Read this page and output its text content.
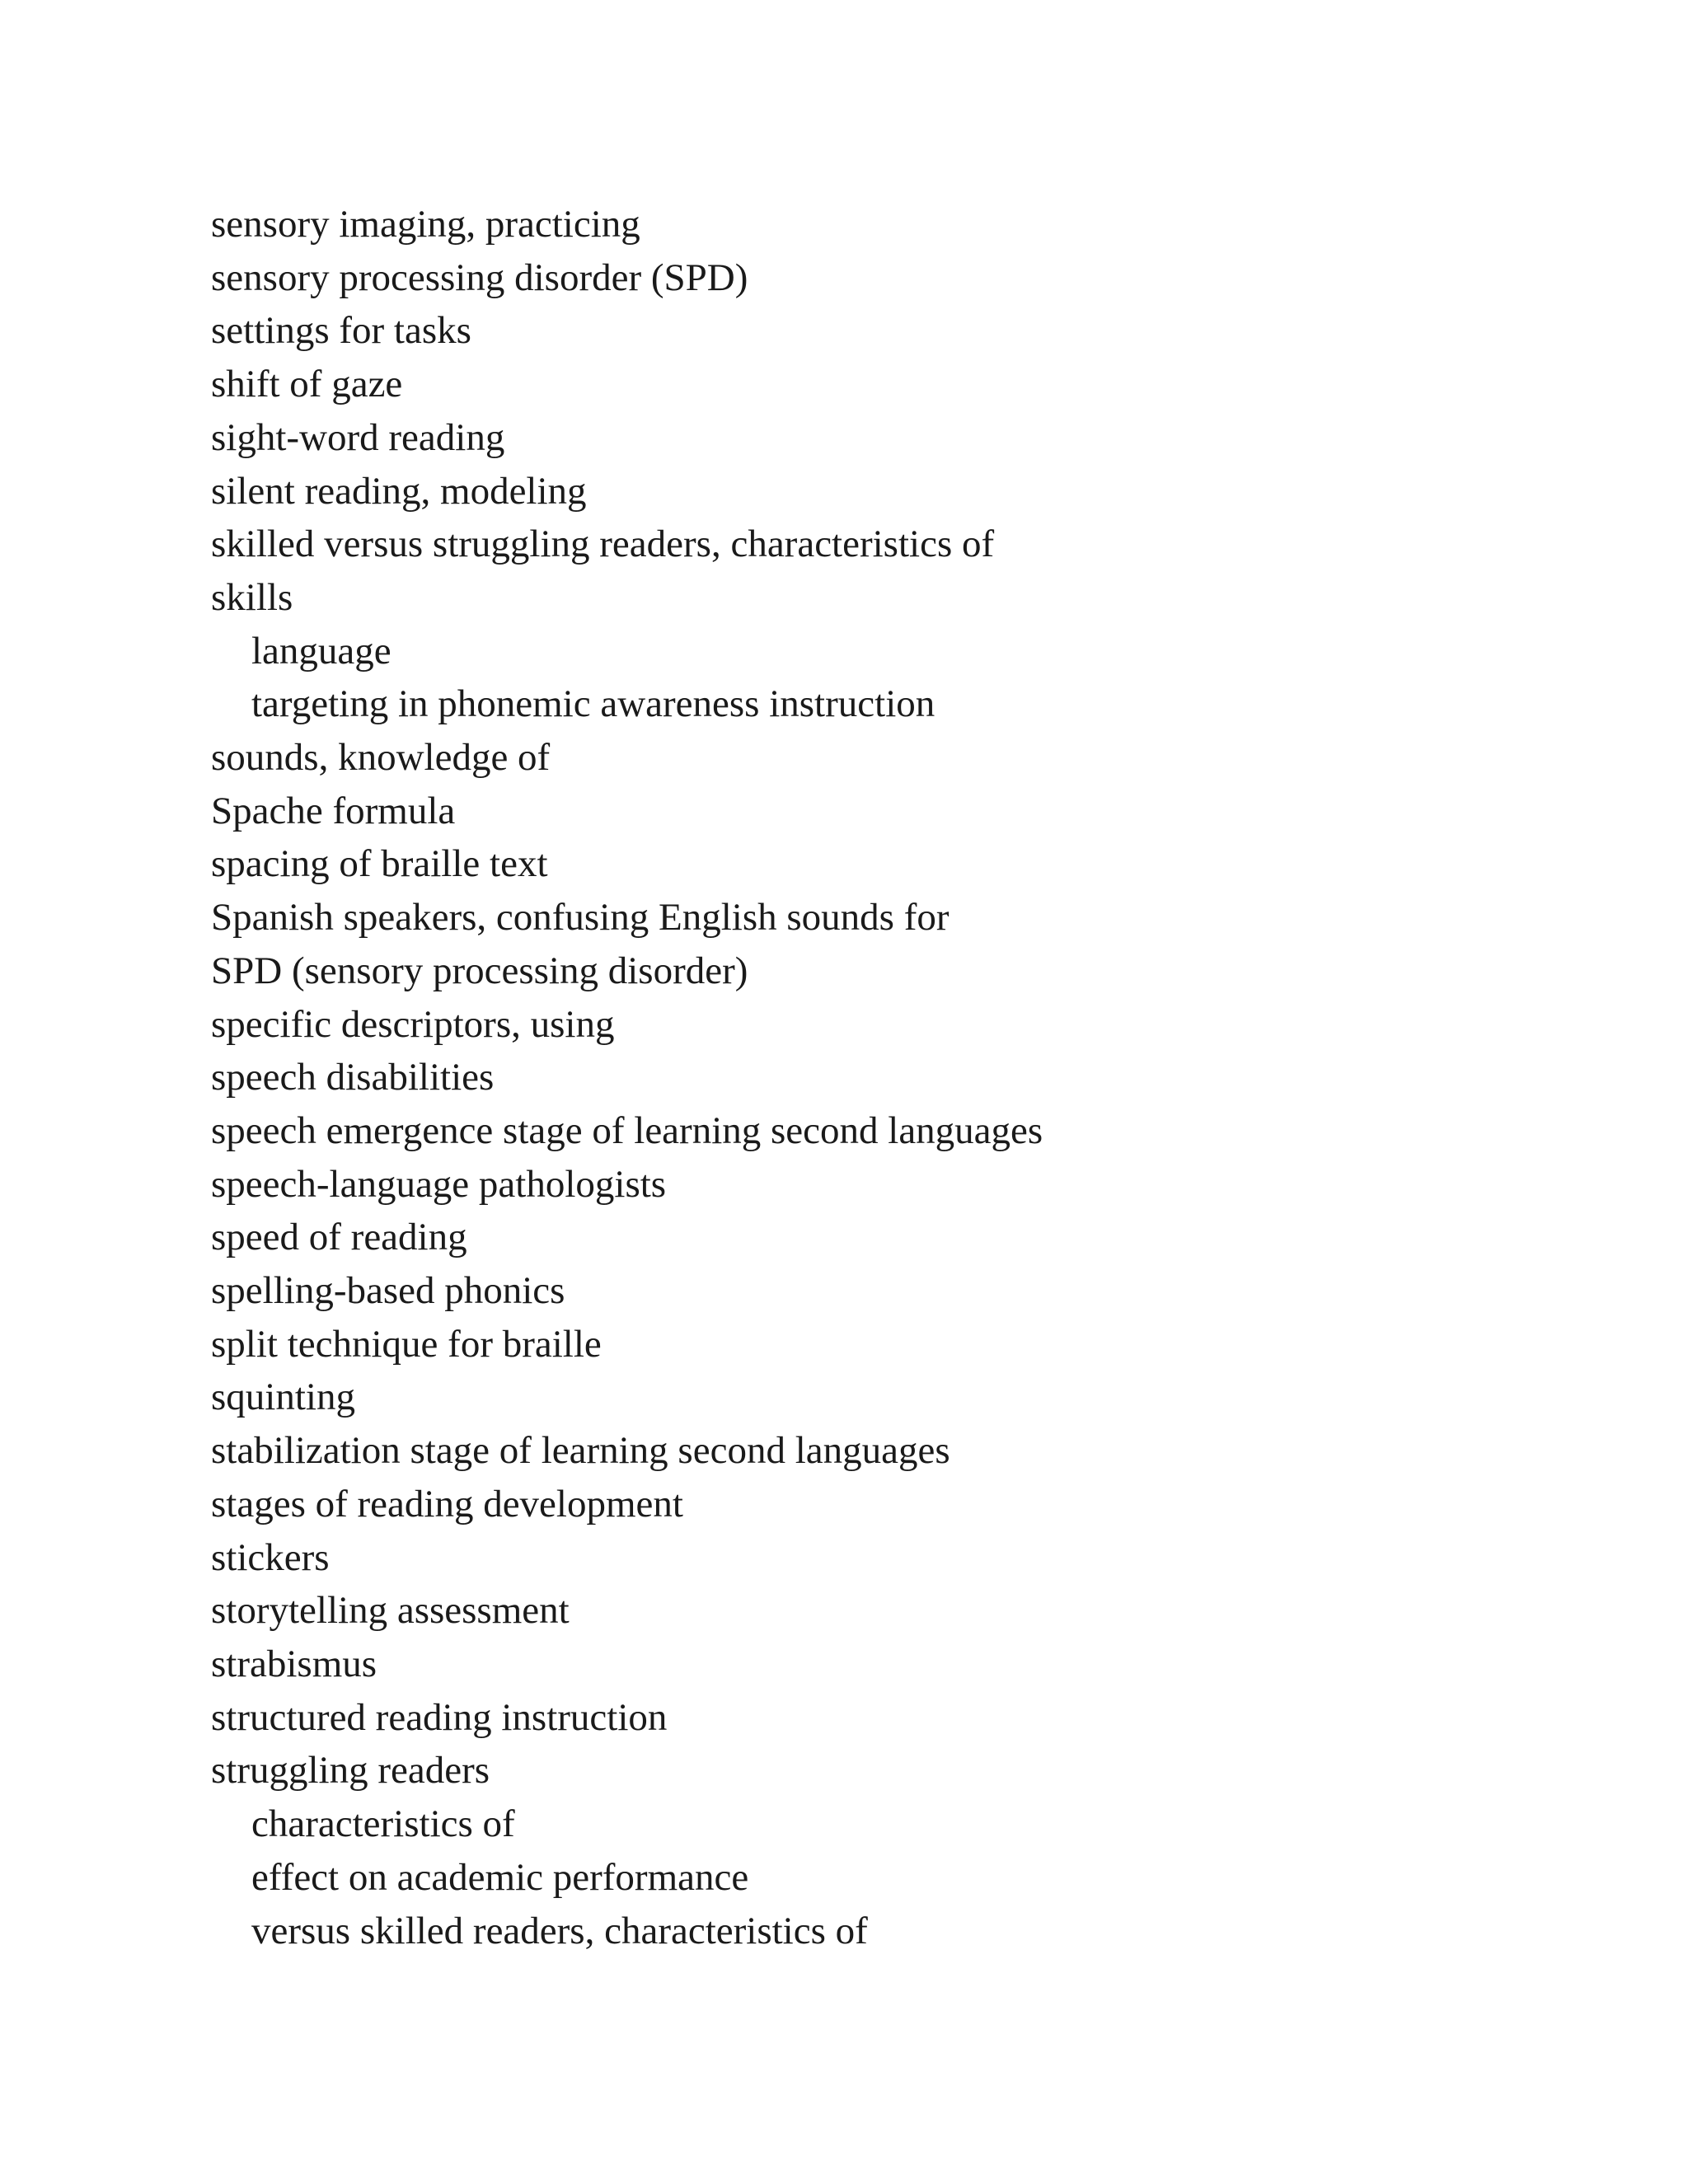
sensory imaging, practicing
sensory processing disorder (SPD)
settings for tasks
shift of gaze
sight-word reading
silent reading, modeling
skilled versus struggling readers, characteristics of
skills
language
targeting in phonemic awareness instruction
sounds, knowledge of
Spache formula
spacing of braille text
Spanish speakers, confusing English sounds for
SPD (sensory processing disorder)
specific descriptors, using
speech disabilities
speech emergence stage of learning second languages
speech-language pathologists
speed of reading
spelling-based phonics
split technique for braille
squinting
stabilization stage of learning second languages
stages of reading development
stickers
storytelling assessment
strabismus
structured reading instruction
struggling readers
characteristics of
effect on academic performance
versus skilled readers, characteristics of
